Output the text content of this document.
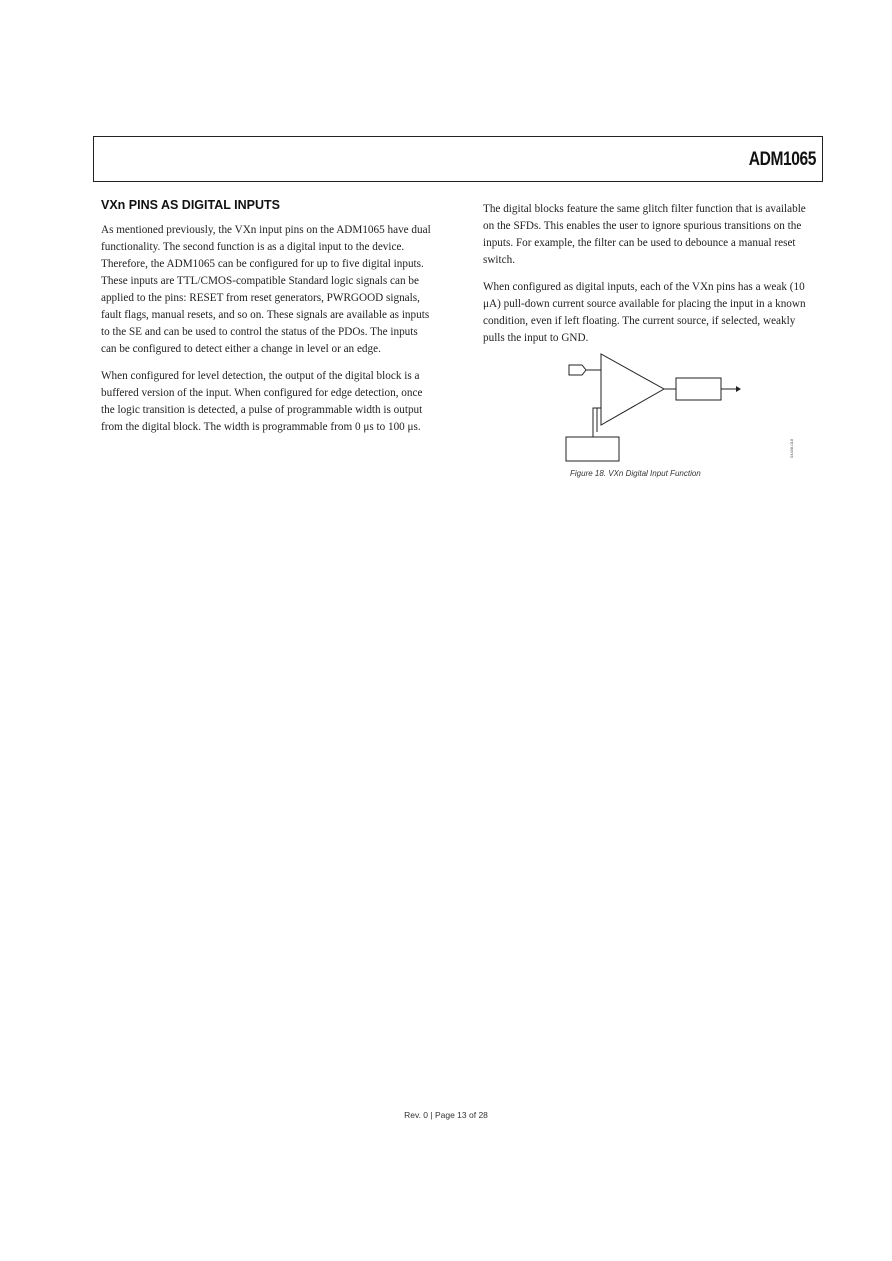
ADM1065
VXn PINS AS DIGITAL INPUTS

As mentioned previously, the VXn input pins on the ADM1065 have dual functionality. The second function is as a digital input to the device. Therefore, the ADM1065 can be configured for up to five digital inputs. These inputs are TTL/CMOS-compatible Standard logic signals can be applied to the pins: RESET from reset generators, PWRGOOD signals, fault flags, manual resets, and so on. These signals are available as inputs to the SE and can be used to control the status of the PDOs. The inputs can be configured to detect either a change in level or an edge.

When configured for level detection, the output of the digital block is a buffered version of the input. When configured for edge detection, once the logic transition is detected, a pulse of programmable width is output from the digital block. The width is programmable from 0 μs to 100 μs.

The digital blocks feature the same glitch filter function that is available on the SFDs. This enables the user to ignore spurious transitions on the inputs. For example, the filter can be used to debounce a manual reset switch.

When configured as digital inputs, each of the VXn pins has a weak (10 μA) pull-down current source available for placing the input in a known condition, even if left floating. The current source, if selected, weakly pulls the input to GND.

04438-018
Figure 18. VXn Digital Input Function
Rev. 0 | Page 13 of 28
